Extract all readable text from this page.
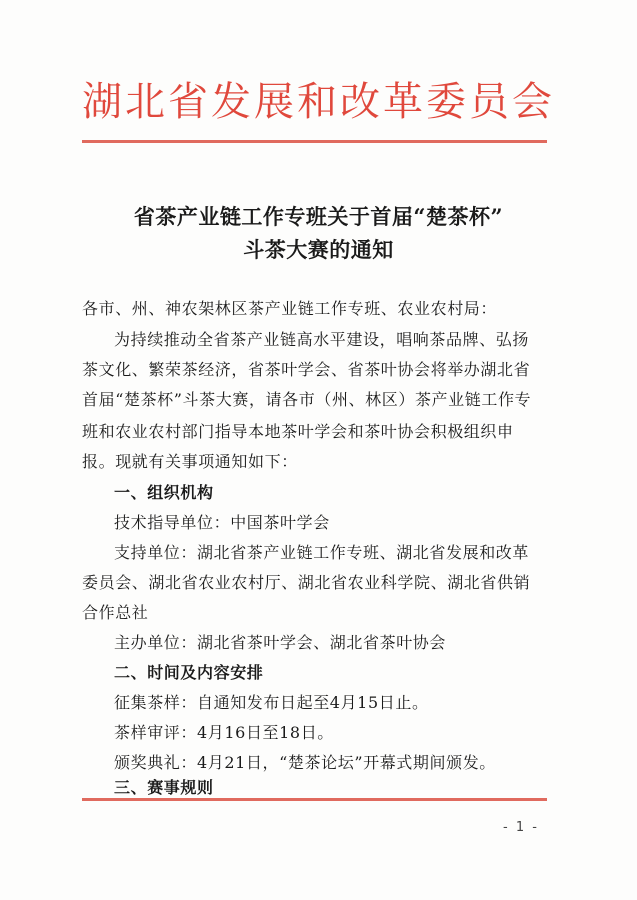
湖北省发展和改革委员会
省茶产业链工作专班关于首届“楚茶杯”
斗茶大赛的通知
各市、州、神农架林区茶产业链工作专班、农业农村局：
为持续推动全省茶产业链高水平建设，唱响茶品牌、弘扬
茶文化、繁荣茶经济，省茶叶学会、省茶叶协会将举办湖北省
首届“楚茶杯”斗茶大赛，请各市（州、林区）茶产业链工作专
班和农业农村部门指导本地茶叶学会和茶叶协会积极组织申
报。现就有关事项通知如下：
一、组织机构
技术指导单位：中国茶叶学会
支持单位：湖北省茶产业链工作专班、湖北省发展和改革
委员会、湖北省农业农村厅、湖北省农业科学院、湖北省供销
合作总社
主办单位：湖北省茶叶学会、湖北省茶叶协会
二、时间及内容安排
征集茶样：自通知发布日起至4月15日止。
茶样审评：4月16日至18日。
颁奖典礼：4月21日，“楚茶论坛”开幕式期间颁发。
三、赛事规则
- 1 -
